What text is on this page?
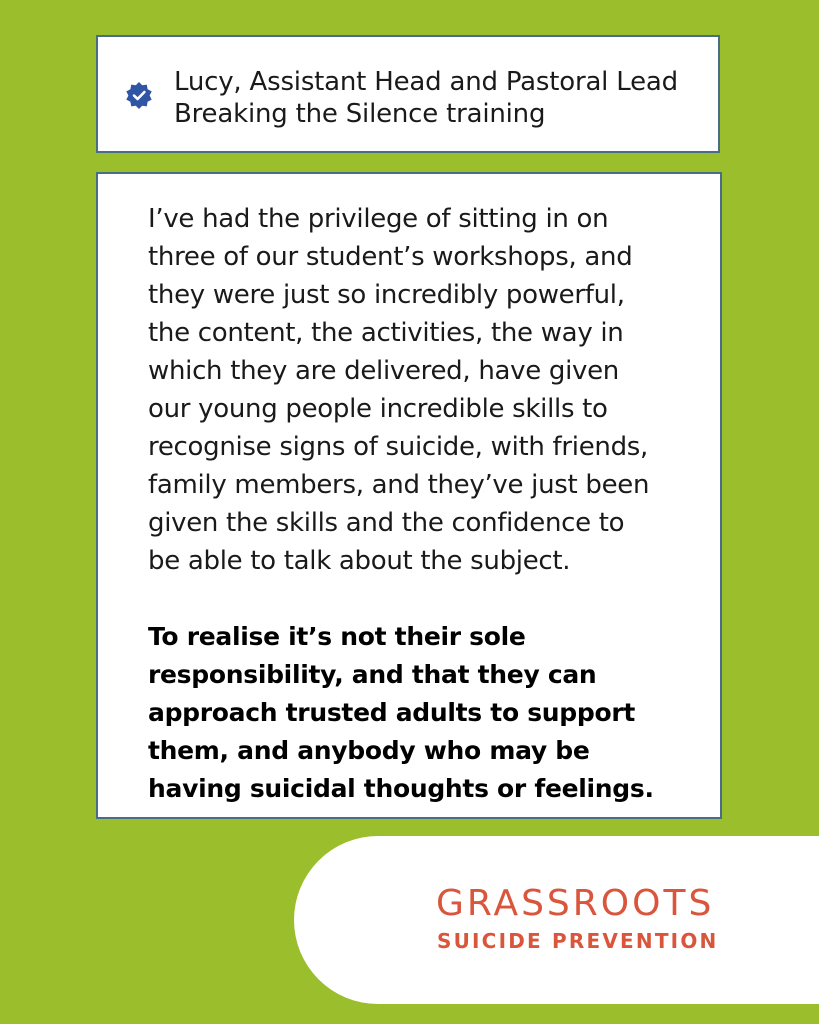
Lucy, Assistant Head and Pastoral Lead
Breaking the Silence training
I’ve had the privilege of sitting in on
three of our student’s workshops, and
they were just so incredibly powerful,
the content, the activities, the way in
which they are delivered, have given
our young people incredible skills to
recognise signs of suicide, with friends,
family members, and they’ve just been
given the skills and the confidence to
be able to talk about the subject.
To realise it’s not their sole
responsibility, and that they can
approach trusted adults to support
them, and anybody who may be
having suicidal thoughts or feelings.
GRASSROOTS
SUICIDE PREVENTION
